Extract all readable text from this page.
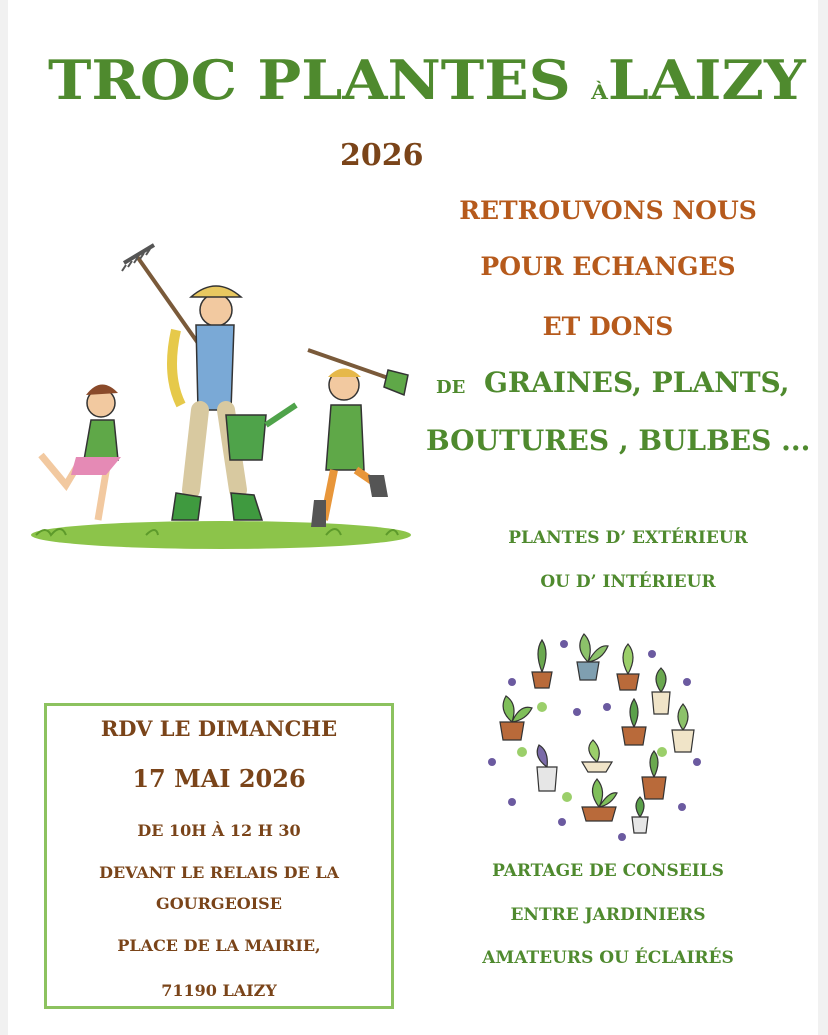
TROC PLANTES ÀLAIZY
2026
RETROUVONS NOUS
POUR ECHANGES
ET DONS
DE GRAINES, PLANTS,
BOUTURES , BULBES ...
PLANTES D’ EXTÉRIEUR
OU D’ INTÉRIEUR
RDV LE DIMANCHE
17 MAI 2026
DE 10H À 12 H 30
DEVANT LE RELAIS DE LA
GOURGEOISE
PLACE DE LA MAIRIE,
71190 LAIZY
PARTAGE DE CONSEILS
ENTRE JARDINIERS
AMATEURS OU ÉCLAIRÉS
